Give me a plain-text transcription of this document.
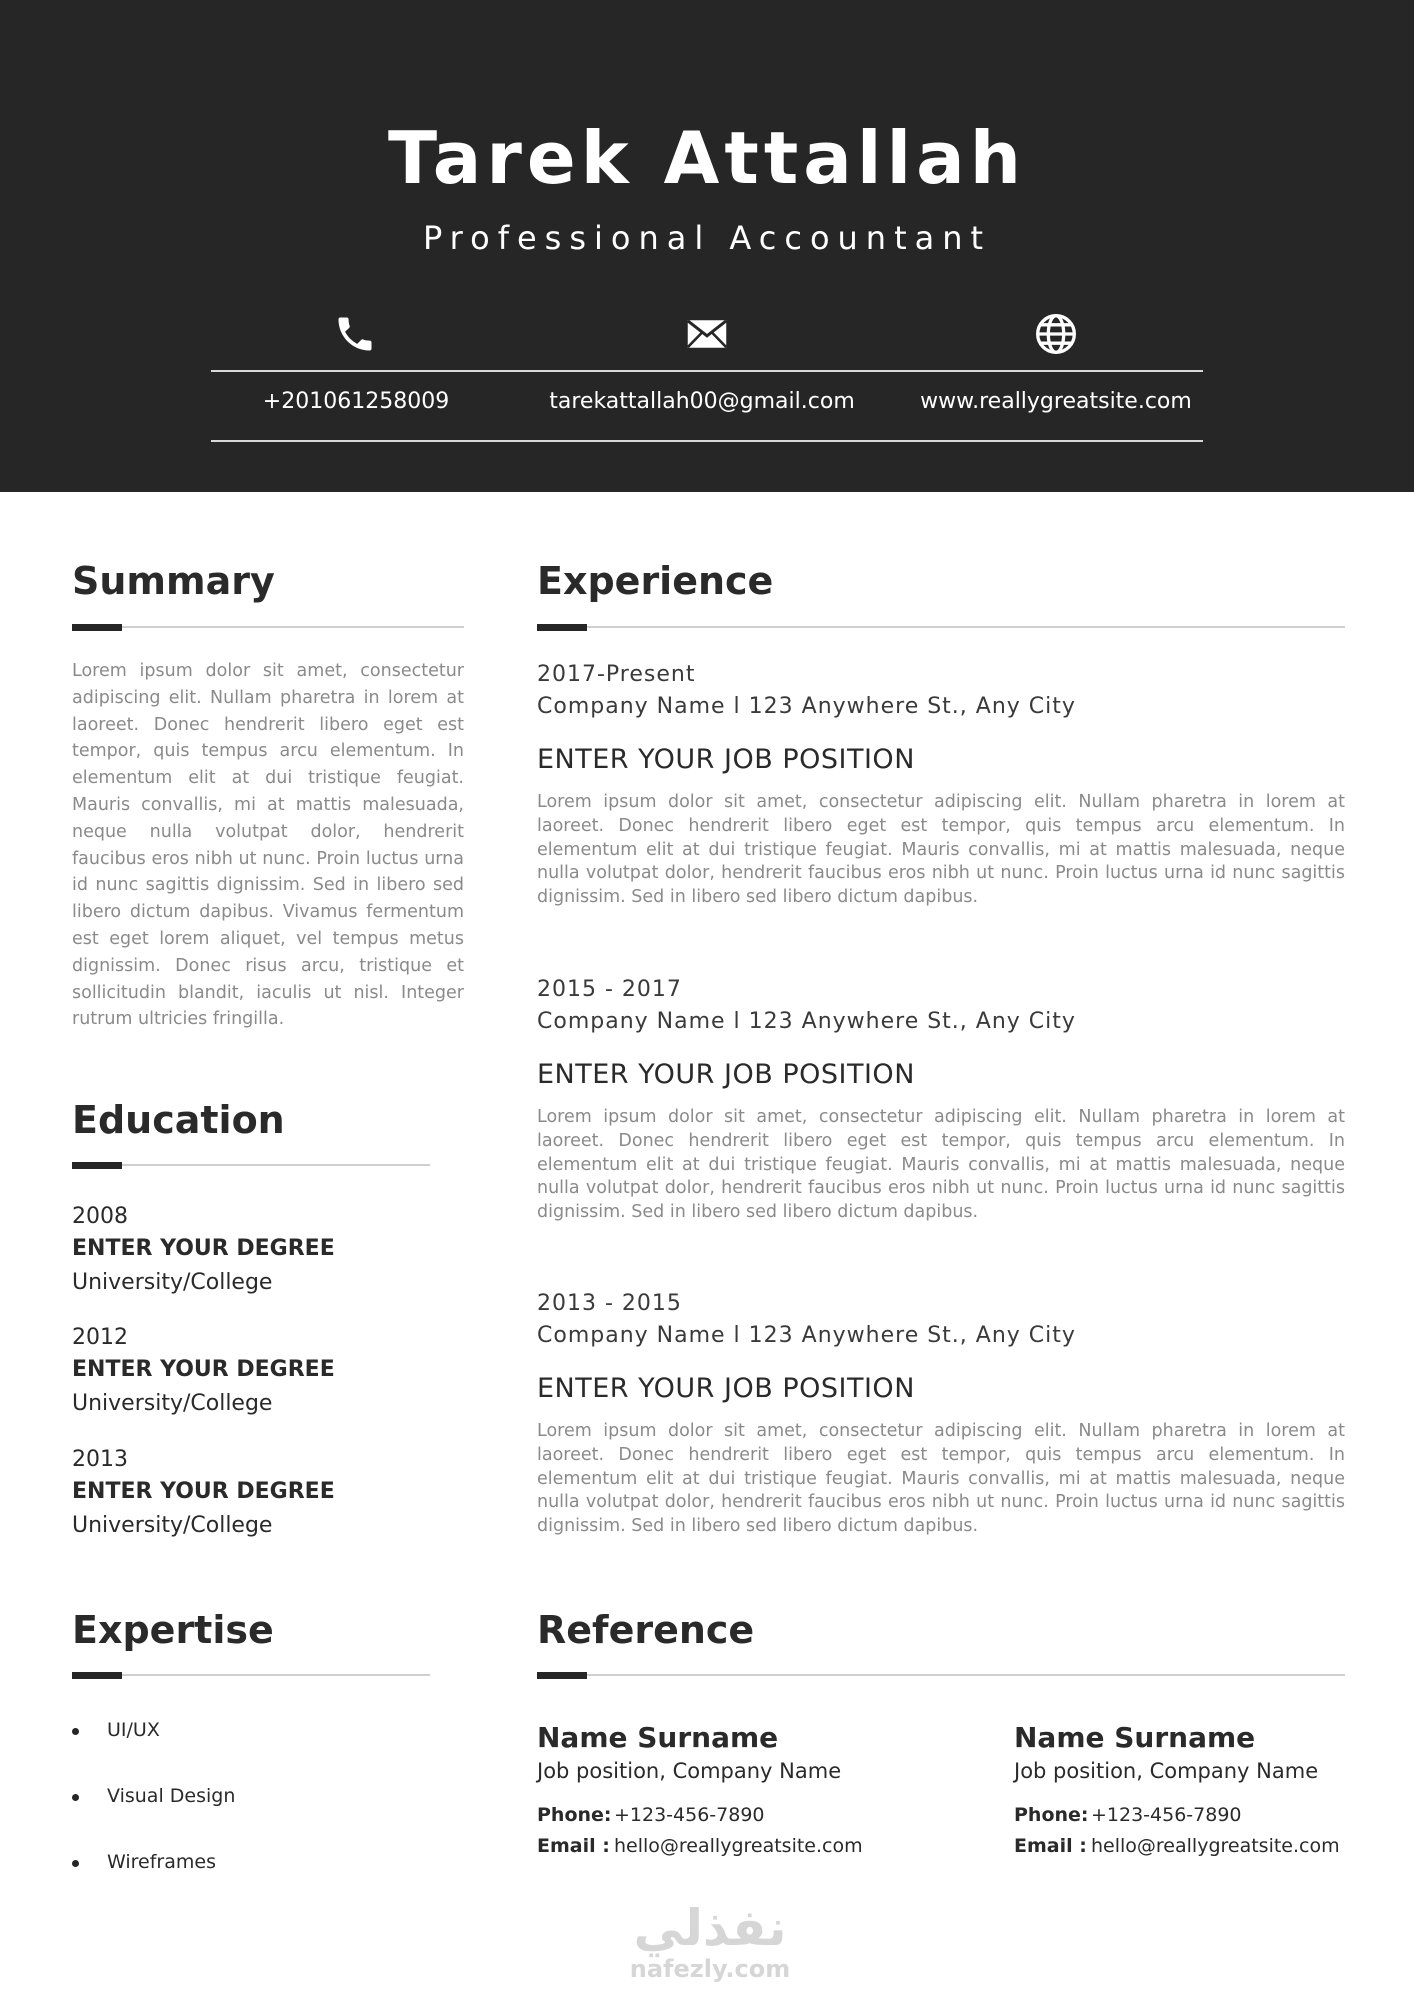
Tarek Attallah
Professional Accountant
+201061258009	tarekattallah00@gmail.com	www.reallygreatsite.com
Summary
Lorem ipsum dolor sit amet, consectetur adipiscing elit. Nullam pharetra in lorem at laoreet. Donec hendrerit libero eget est tempor, quis tempus arcu elementum. In elementum elit at dui tristique feugiat. Mauris convallis, mi at mattis malesuada, neque nulla volutpat dolor, hendrerit faucibus eros nibh ut nunc. Proin luctus urna id nunc sagittis dignissim. Sed in libero sed libero dictum dapibus. Vivamus fermentum est eget lorem aliquet, vel tempus metus dignissim. Donec risus arcu, tristique et sollicitudin blandit, iaculis ut nisl. Integer rutrum ultricies fringilla.
Education
2008
ENTER YOUR DEGREE
University/College
2012
ENTER YOUR DEGREE
University/College
2013
ENTER YOUR DEGREE
University/College
Experience
2017-Present
Company Name l 123 Anywhere St., Any City
ENTER YOUR JOB POSITION
Lorem ipsum dolor sit amet, consectetur adipiscing elit. Nullam pharetra in lorem at laoreet. Donec hendrerit libero eget est tempor, quis tempus arcu elementum. In elementum elit at dui tristique feugiat. Mauris convallis, mi at mattis malesuada, neque nulla volutpat dolor, hendrerit faucibus eros nibh ut nunc. Proin luctus urna id nunc sagittis dignissim. Sed in libero sed libero dictum dapibus.
2015 - 2017
Company Name l 123 Anywhere St., Any City
ENTER YOUR JOB POSITION
Lorem ipsum dolor sit amet, consectetur adipiscing elit. Nullam pharetra in lorem at laoreet. Donec hendrerit libero eget est tempor, quis tempus arcu elementum. In elementum elit at dui tristique feugiat. Mauris convallis, mi at mattis malesuada, neque nulla volutpat dolor, hendrerit faucibus eros nibh ut nunc. Proin luctus urna id nunc sagittis dignissim. Sed in libero sed libero dictum dapibus.
2013 - 2015
Company Name l 123 Anywhere St., Any City
ENTER YOUR JOB POSITION
Lorem ipsum dolor sit amet, consectetur adipiscing elit. Nullam pharetra in lorem at laoreet. Donec hendrerit libero eget est tempor, quis tempus arcu elementum. In elementum elit at dui tristique feugiat. Mauris convallis, mi at mattis malesuada, neque nulla volutpat dolor, hendrerit faucibus eros nibh ut nunc. Proin luctus urna id nunc sagittis dignissim. Sed in libero sed libero dictum dapibus.
Expertise
UI/UX
Visual Design
Wireframes
Reference
Name Surname
Job position, Company Name
Phone: +123-456-7890
Email : hello@reallygreatsite.com
Name Surname
Job position, Company Name
Phone: +123-456-7890
Email : hello@reallygreatsite.com
نفذلي
nafezly.com
